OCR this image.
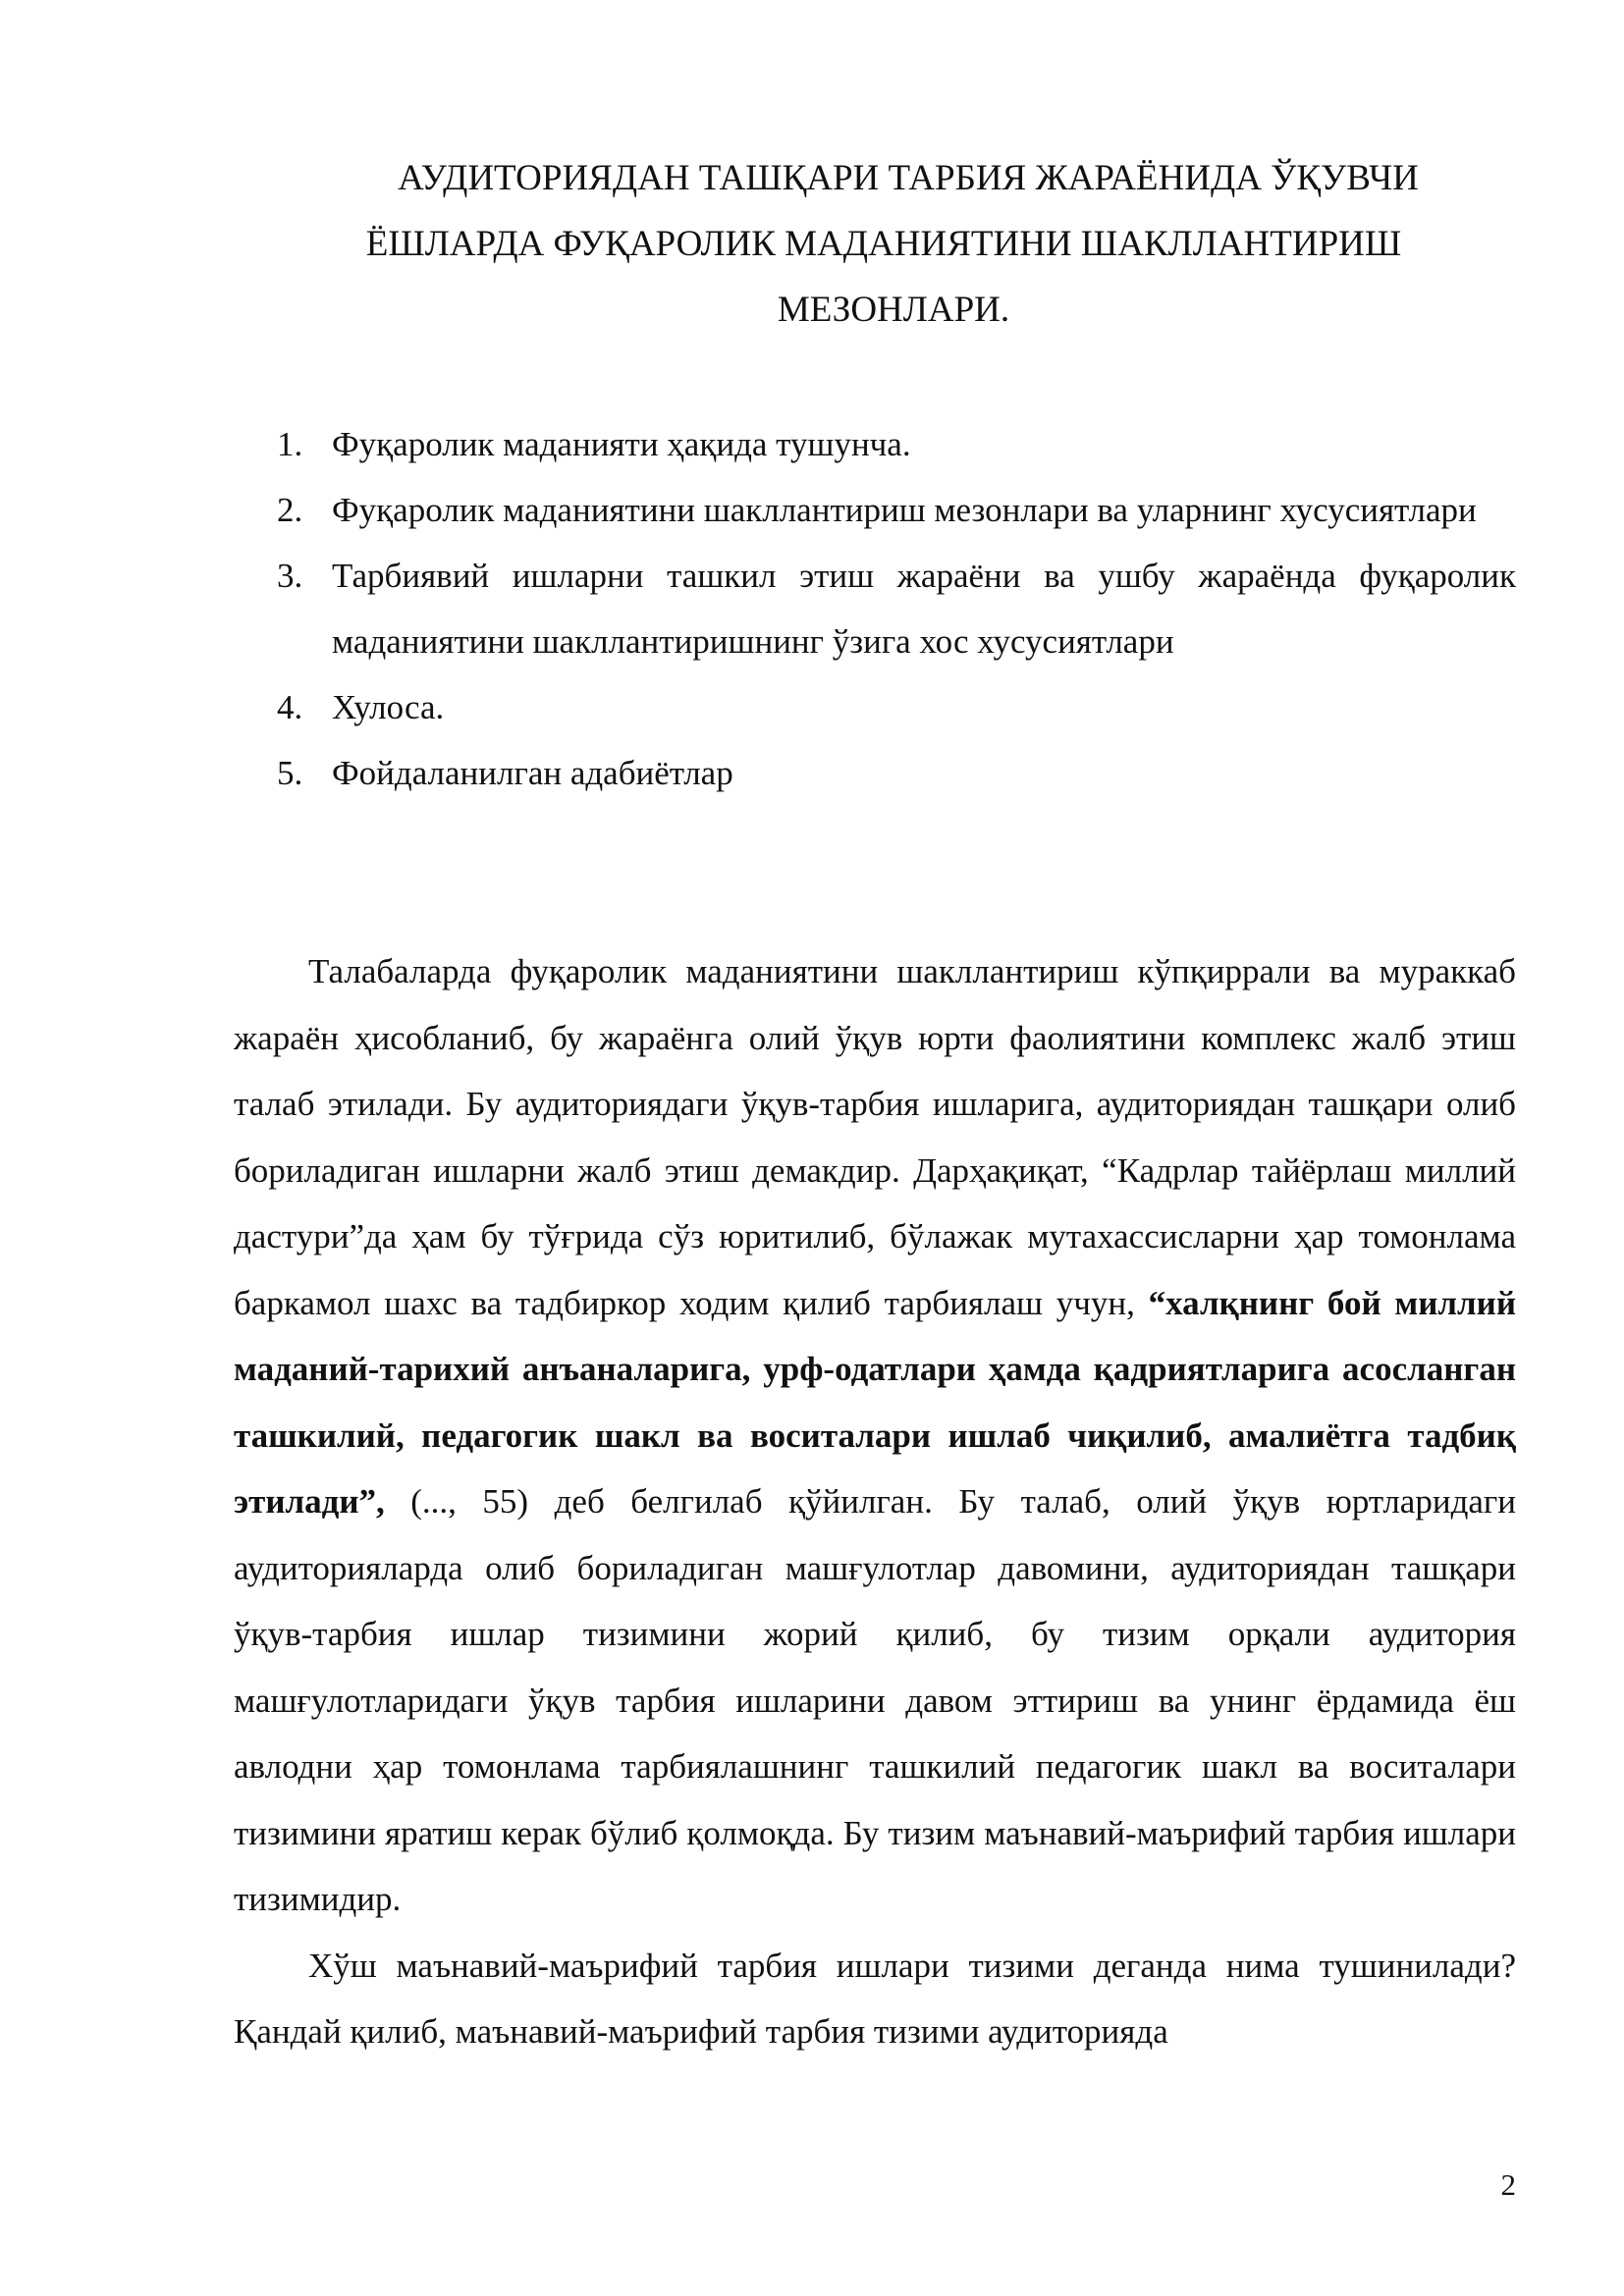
АУДИТОРИЯДАН ТАШҚАРИ ТАРБИЯ ЖАРАЁНИДА ЎҚУВЧИ
ЁШЛАРДА ФУҚАРОЛИК МАДАНИЯТИНИ ШАКЛЛАНТИРИШ
МЕЗОНЛАРИ.
1. Фуқаролик маданияти ҳақида тушунча.
2. Фуқаролик маданиятини шакллантириш мезонлари ва уларнинг хусусиятлари
3. Тарбиявий ишларни ташкил этиш жараёни ва ушбу жараёнда фуқаролик маданиятини шакллантиришнинг ўзига хос хусусиятлари
4. Хулоса.
5. Фойдаланилган адабиётлар

Талабаларда фуқаролик маданиятини шакллантириш кўпқиррали ва мураккаб жараён ҳисобланиб, бу жараёнга олий ўқув юрти фаолиятини комплекс жалб этиш талаб этилади. Бу аудиториядаги ўқув-тарбия ишларига, аудиториядан ташқари олиб бориладиган ишларни жалб этиш демакдир. Дарҳақиқат, “Кадрлар тайёрлаш миллий дастури”да ҳам бу тўғрида сўз юритилиб, бўлажак мутахассисларни ҳар томонлама баркамол шахс ва тадбиркор ходим қилиб тарбиялаш учун, “халқнинг бой миллий маданий-тарихий анъаналарига, урф-одатлари ҳамда қадриятларига асосланган ташкилий, педагогик шакл ва воситалари ишлаб чиқилиб, амалиётга тадбиқ этилади”, (..., 55) деб белгилаб қўйилган. Бу талаб, олий ўқув юртларидаги аудиторияларда олиб бориладиган машғулотлар давомини, аудиториядан ташқари ўқув-тарбия ишлар тизимини жорий қилиб, бу тизим орқали аудитория машғулотларидаги ўқув тарбия ишларини давом эттириш ва унинг ёрдамида ёш авлодни ҳар томонлама тарбиялашнинг ташкилий педагогик шакл ва воситалари тизимини яратиш керак бўлиб қолмоқда. Бу тизим маънавий-маърифий тарбия ишлари тизимидир.

Хўш маънавий-маърифий тарбия ишлари тизими деганда нима тушинилади? Қандай қилиб, маънавий-маърифий тарбия тизими аудиторияда

2
